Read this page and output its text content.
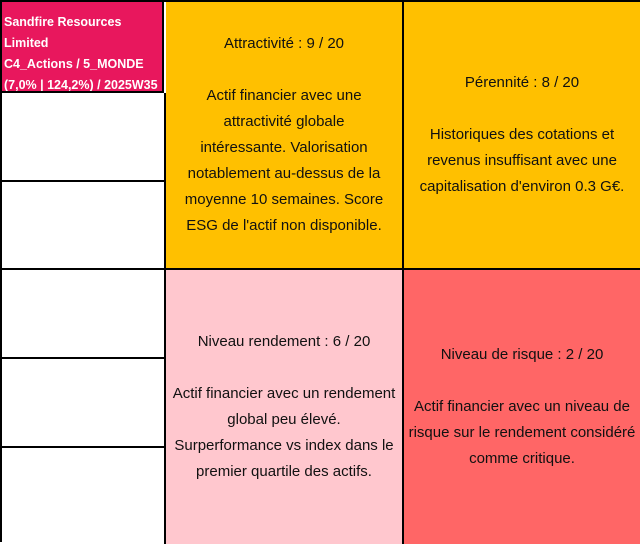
Sandfire Resources Limited
C4_Actions / 5_MONDE
(7,0% | 124,2%) / 2025W35
Attractivité : 9 / 20
Actif financier avec une attractivité globale intéressante. Valorisation notablement au-dessus de la moyenne 10 semaines. Score ESG de l'actif non disponible.
Pérennité : 8 / 20
Historiques des cotations et revenus insuffisant avec une capitalisation d'environ 0.3 G€.
Niveau rendement : 6 / 20
Actif financier avec un rendement global peu élevé. Surperformance vs index dans le premier quartile des actifs.
Niveau de risque : 2 / 20
Actif financier avec un niveau de risque sur le rendement considéré comme critique.
